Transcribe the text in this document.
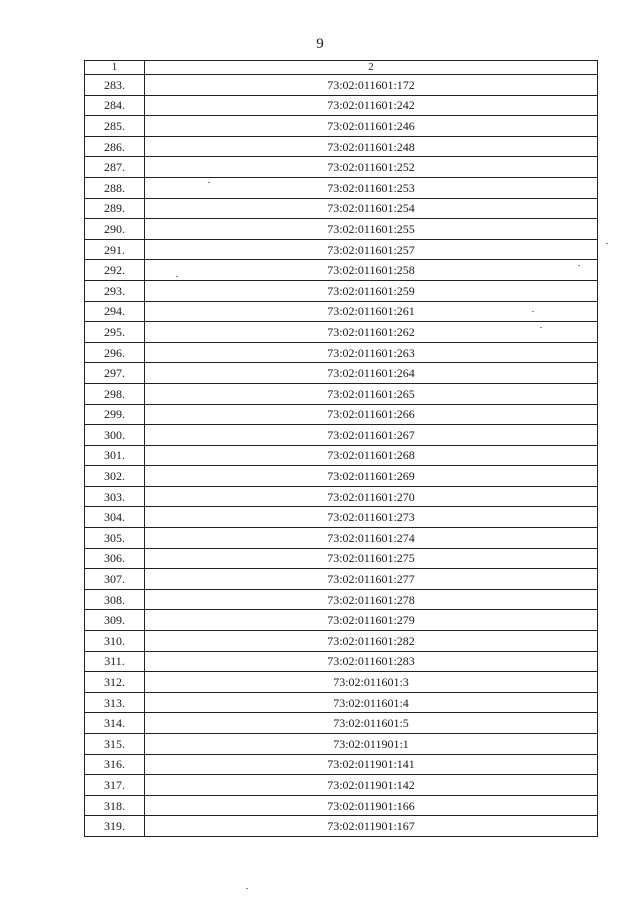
9
1	2
283.	73:02:011601:172
284.	73:02:011601:242
285.	73:02:011601:246
286.	73:02:011601:248
287.	73:02:011601:252
288.	73:02:011601:253
289.	73:02:011601:254
290.	73:02:011601:255
291.	73:02:011601:257
292.	73:02:011601:258
293.	73:02:011601:259
294.	73:02:011601:261
295.	73:02:011601:262
296.	73:02:011601:263
297.	73:02:011601:264
298.	73:02:011601:265
299.	73:02:011601:266
300.	73:02:011601:267
301.	73:02:011601:268
302.	73:02:011601:269
303.	73:02:011601:270
304.	73:02:011601:273
305.	73:02:011601:274
306.	73:02:011601:275
307.	73:02:011601:277
308.	73:02:011601:278
309.	73:02:011601:279
310.	73:02:011601:282
311.	73:02:011601:283
312.	73:02:011601:3
313.	73:02:011601:4
314.	73:02:011601:5
315.	73:02:011901:1
316.	73:02:011901:141
317.	73:02:011901:142
318.	73:02:011901:166
319.	73:02:011901:167
